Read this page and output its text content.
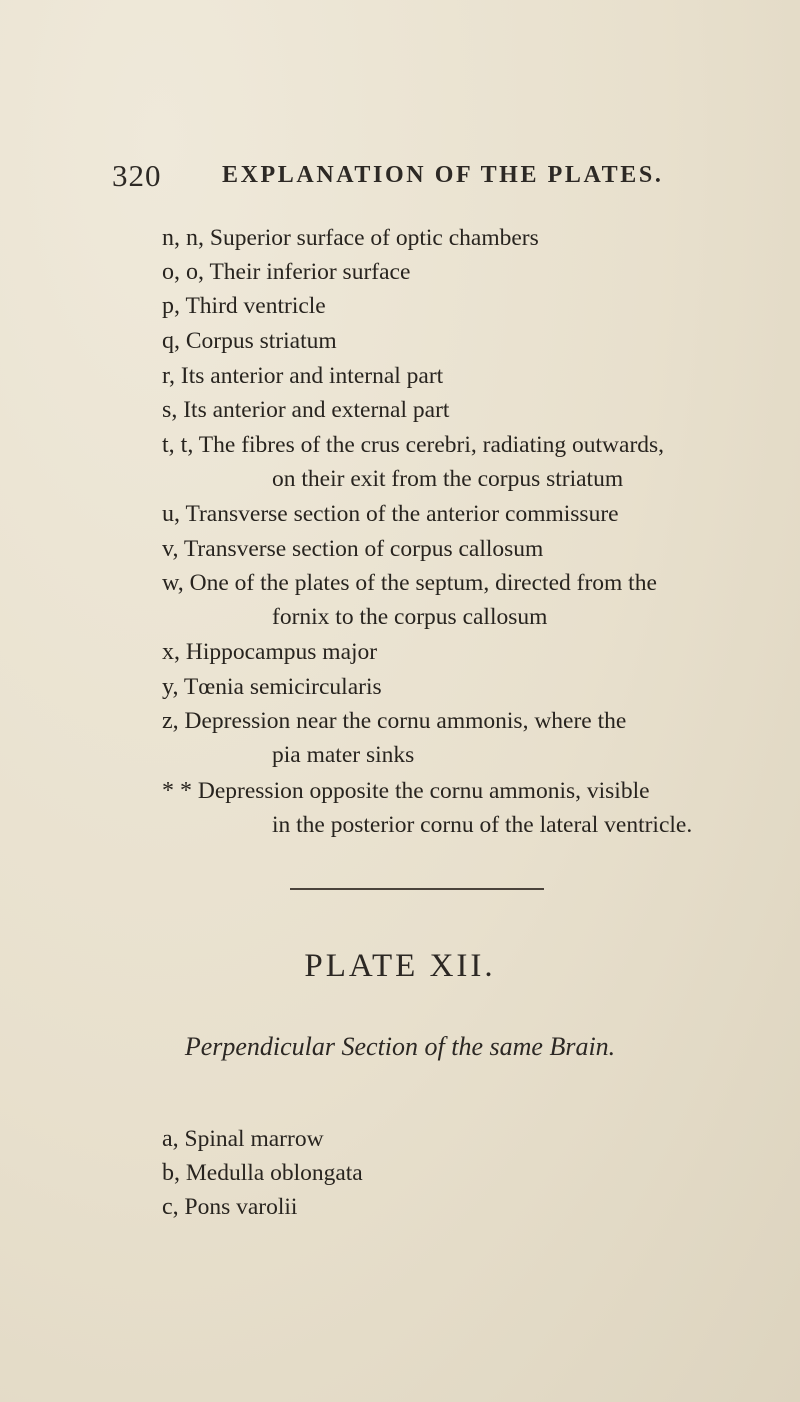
320	EXPLANATION OF THE PLATES.
n, n, Superior surface of optic chambers
o, o, Their inferior surface
p, Third ventricle
q, Corpus striatum
r, Its anterior and internal part
s, Its anterior and external part
t, t, The fibres of the crus cerebri, radiating outwards,
on their exit from the corpus striatum
u, Transverse section of the anterior commissure
v, Transverse section of corpus callosum
w, One of the plates of the septum, directed from the
fornix to the corpus callosum
x, Hippocampus major
y, Tœnia semicircularis
z, Depression near the cornu ammonis, where the
pia mater sinks
* * Depression opposite the cornu ammonis, visible
in the posterior cornu of the lateral ventricle.
PLATE XII.
Perpendicular Section of the same Brain.
a, Spinal marrow
b, Medulla oblongata
c, Pons varolii
